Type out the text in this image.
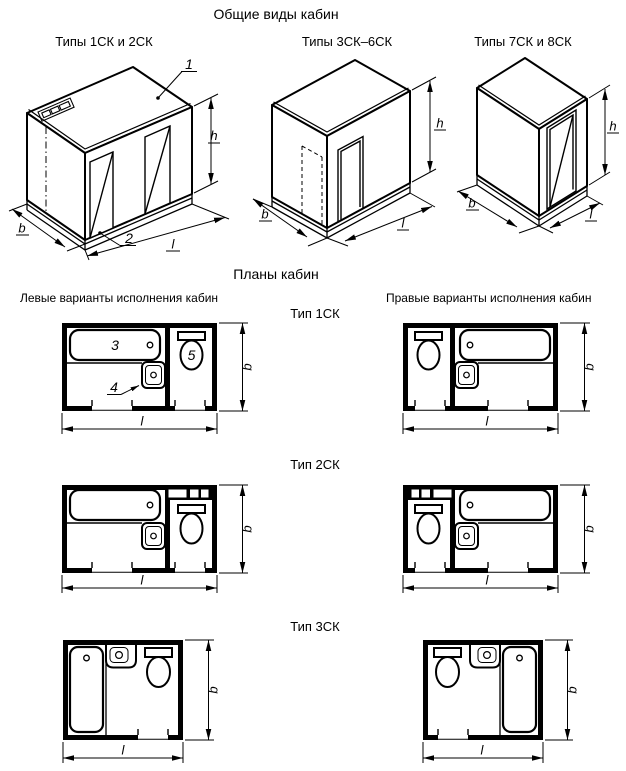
Общие виды кабин
Типы 1СК и 2СК	Типы 3СК–6СК	Типы 7СК и 8СК
1
2
h
l
b
h
l
b
h
l
b
Планы кабин
Левые варианты исполнения кабин	Правые варианты исполнения кабин
Тип 1СК
Тип 2СК
Тип 3СК
3
5
4
b
l
b
l
b
l
b
l
b
l
b
l
